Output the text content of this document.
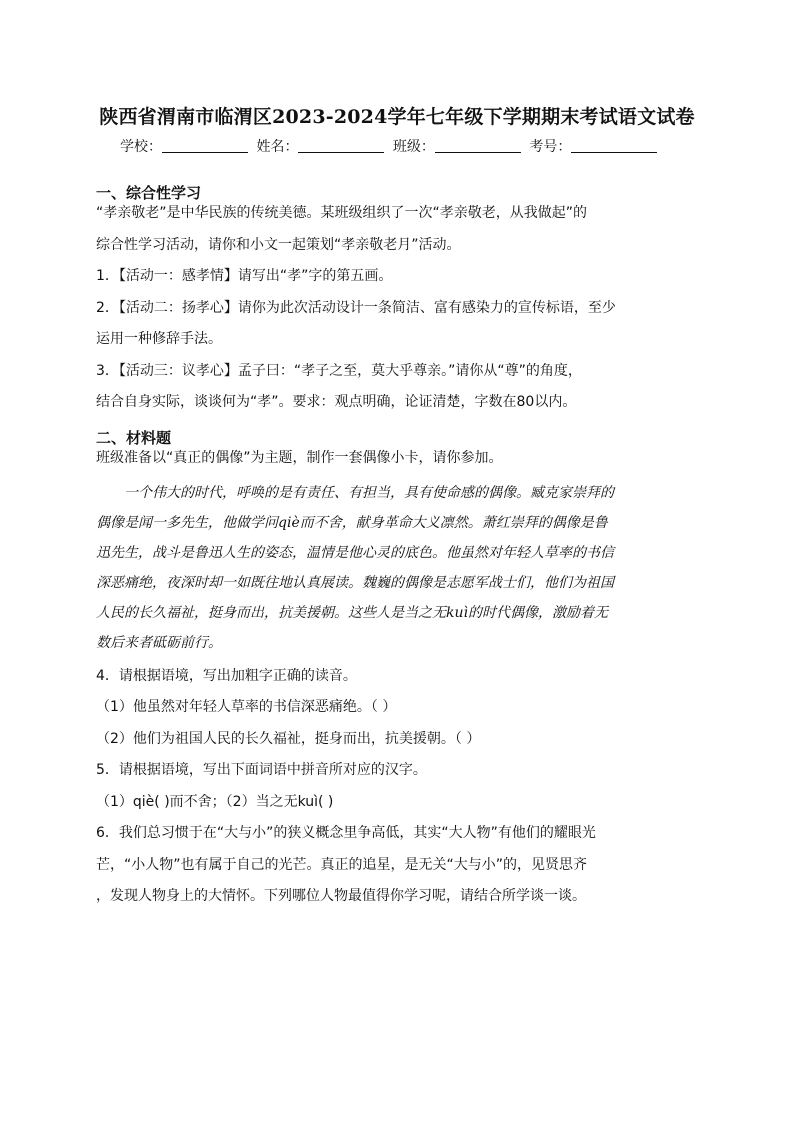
陕西省渭南市临渭区2023-2024学年七年级下学期期末考试语文试卷
学校：	姓名：	班级：	考号：
一、综合性学习
“孝亲敬老”是中华民族的传统美德。某班级组织了一次“孝亲敬老，从我做起”的
综合性学习活动，请你和小文一起策划“孝亲敬老月”活动。
1．【活动一：感孝情】请写出“孝”字的第五画。
2．【活动二：扬孝心】请你为此次活动设计一条简洁、富有感染力的宣传标语，至少
运用一种修辞手法。
3．【活动三：议孝心】孟子曰：“孝子之至，莫大乎尊亲。”请你从“尊”的角度，
结合自身实际，谈谈何为“孝”。要求：观点明确，论证清楚，字数在80以内。
二、材料题
班级准备以“真正的偶像”为主题，制作一套偶像小卡，请你参加。
一个伟大的时代，呼唤的是有责任、有担当，具有使命感的偶像。臧克家崇拜的
偶像是闻一多先生，他做学问qiè而不舍，献身革命大义凛然。萧红崇拜的偶像是鲁
迅先生，战斗是鲁迅人生的姿态，温情是他心灵的底色。他虽然对年轻人草率的书信
深恶痛绝，夜深时却一如既往地认真展读。魏巍的偶像是志愿军战士们，他们为祖国
人民的长久福祉，挺身而出，抗美援朝。这些人是当之无kuì的时代偶像，激励着无
数后来者砥砺前行。
4．请根据语境，写出加粗字正确的读音。
（1）他虽然对年轻人草率的书信深恶痛绝。（ ）
（2）他们为祖国人民的长久福祉，挺身而出，抗美援朝。（ ）
5．请根据语境，写出下面词语中拼音所对应的汉字。
（1）qiè( )而不舍；（2）当之无kuì( )
6．我们总习惯于在“大与小”的狭义概念里争高低，其实“大人物”有他们的耀眼光
芒，“小人物”也有属于自己的光芒。真正的追星，是无关“大与小”的，见贤思齐
，发现人物身上的大情怀。下列哪位人物最值得你学习呢，请结合所学谈一谈。
